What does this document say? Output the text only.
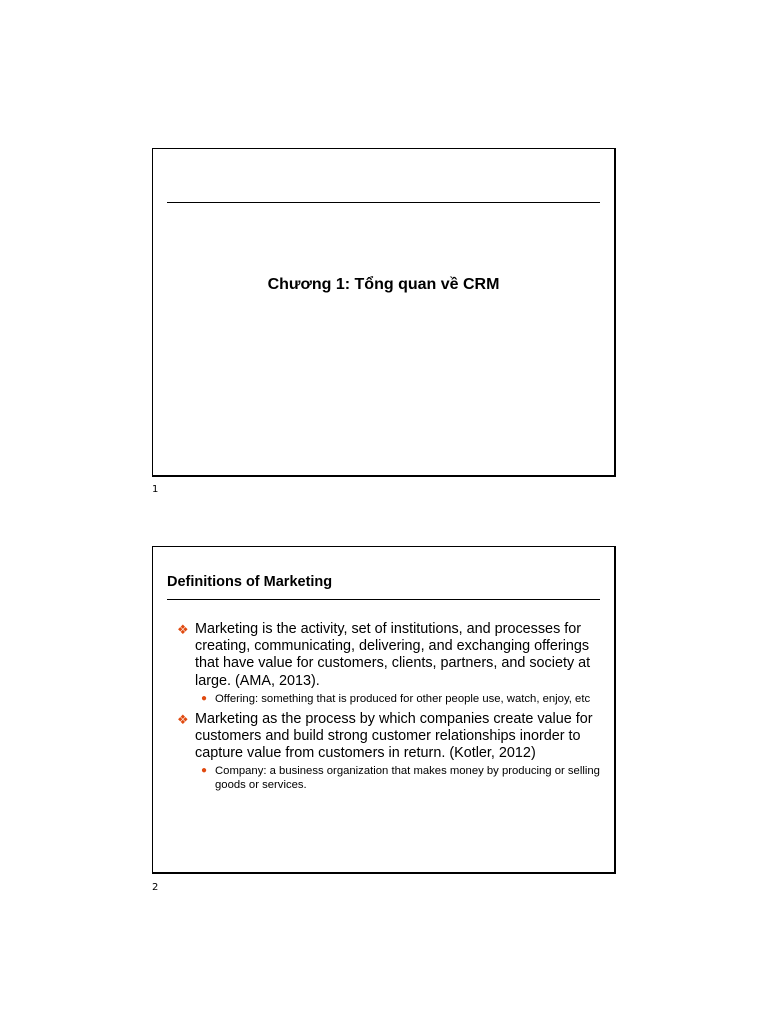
Chương 1: Tổng quan về CRM
1
Definitions of Marketing
❖ Marketing is the activity, set of institutions, and processes for creating, communicating, delivering, and exchanging offerings that have value for customers, clients, partners, and society at large. (AMA, 2013).
● Offering: something that is produced for other people use, watch, enjoy, etc
❖ Marketing as the process by which companies create value for customers and build strong customer relationships inorder to capture value from customers in return. (Kotler, 2012)
● Company: a business organization that makes money by producing or selling goods or services.
2
